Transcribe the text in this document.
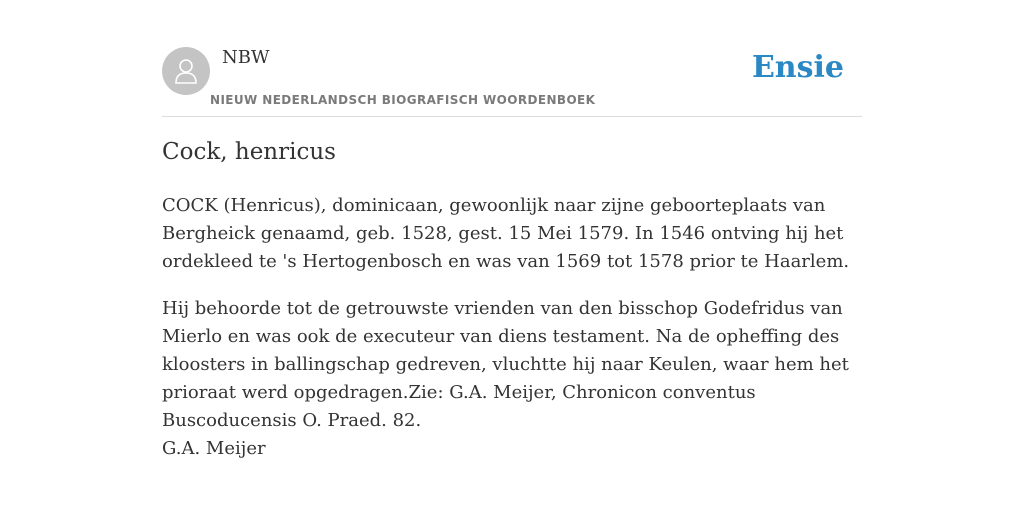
NBW
NIEUW NEDERLANDSCH BIOGRAFISCH WOORDENBOEK
Ensie
Cock, henricus

COCK (Henricus), dominicaan, gewoonlijk naar zijne geboorteplaats van Bergheick genaamd, geb. 1528, gest. 15 Mei 1579. In 1546 ontving hij het ordekleed te 's Hertogenbosch en was van 1569 tot 1578 prior te Haarlem.

Hij behoorde tot de getrouwste vrienden van den bisschop Godefridus van Mierlo en was ook de executeur van diens testament. Na de opheffing des kloosters in ballingschap gedreven, vluchtte hij naar Keulen, waar hem het prioraat werd opgedragen.Zie: G.A. Meijer, Chronicon conventus Buscoducensis O. Praed. 82.

G.A. Meijer
